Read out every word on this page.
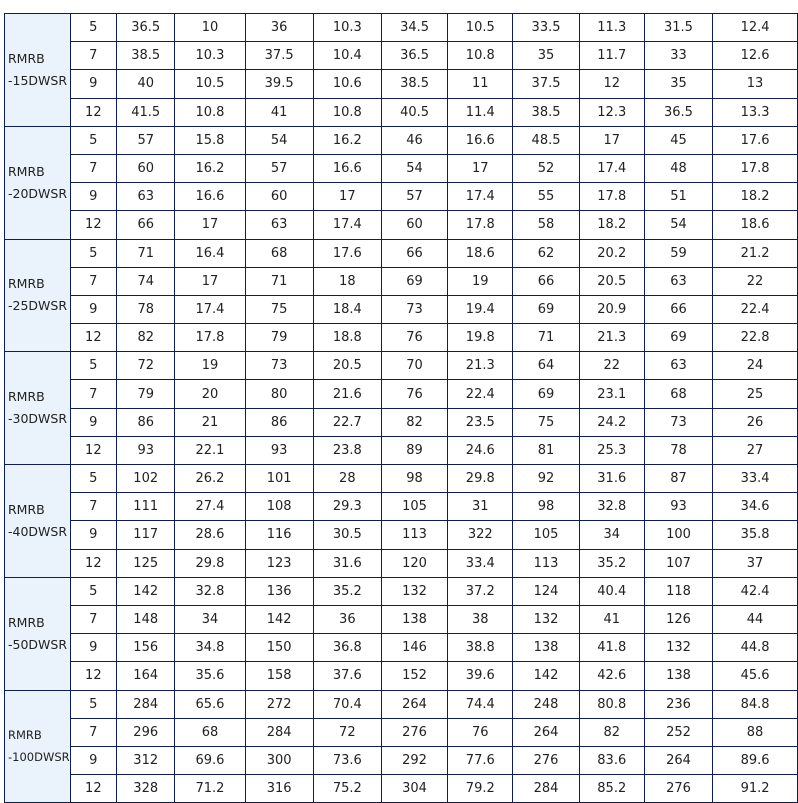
RMRB
-15DWSR	5	36.5	10	36	10.3	34.5	10.5	33.5	11.3	31.5	12.4
	7	38.5	10.3	37.5	10.4	36.5	10.8	35	11.7	33	12.6
	9	40	10.5	39.5	10.6	38.5	11	37.5	12	35	13
	12	41.5	10.8	41	10.8	40.5	11.4	38.5	12.3	36.5	13.3

RMRB
-20DWSR	5	57	15.8	54	16.2	46	16.6	48.5	17	45	17.6
	7	60	16.2	57	16.6	54	17	52	17.4	48	17.8
	9	63	16.6	60	17	57	17.4	55	17.8	51	18.2
	12	66	17	63	17.4	60	17.8	58	18.2	54	18.6

RMRB
-25DWSR	5	71	16.4	68	17.6	66	18.6	62	20.2	59	21.2
	7	74	17	71	18	69	19	66	20.5	63	22
	9	78	17.4	75	18.4	73	19.4	69	20.9	66	22.4
	12	82	17.8	79	18.8	76	19.8	71	21.3	69	22.8

RMRB
-30DWSR	5	72	19	73	20.5	70	21.3	64	22	63	24
	7	79	20	80	21.6	76	22.4	69	23.1	68	25
	9	86	21	86	22.7	82	23.5	75	24.2	73	26
	12	93	22.1	93	23.8	89	24.6	81	25.3	78	27

RMRB
-40DWSR	5	102	26.2	101	28	98	29.8	92	31.6	87	33.4
	7	111	27.4	108	29.3	105	31	98	32.8	93	34.6
	9	117	28.6	116	30.5	113	322	105	34	100	35.8
	12	125	29.8	123	31.6	120	33.4	113	35.2	107	37

RMRB
-50DWSR	5	142	32.8	136	35.2	132	37.2	124	40.4	118	42.4
	7	148	34	142	36	138	38	132	41	126	44
	9	156	34.8	150	36.8	146	38.8	138	41.8	132	44.8
	12	164	35.6	158	37.6	152	39.6	142	42.6	138	45.6

RMRB
-100DWSR	5	284	65.6	272	70.4	264	74.4	248	80.8	236	84.8
	7	296	68	284	72	276	76	264	82	252	88
	9	312	69.6	300	73.6	292	77.6	276	83.6	264	89.6
	12	328	71.2	316	75.2	304	79.2	284	85.2	276	91.2
